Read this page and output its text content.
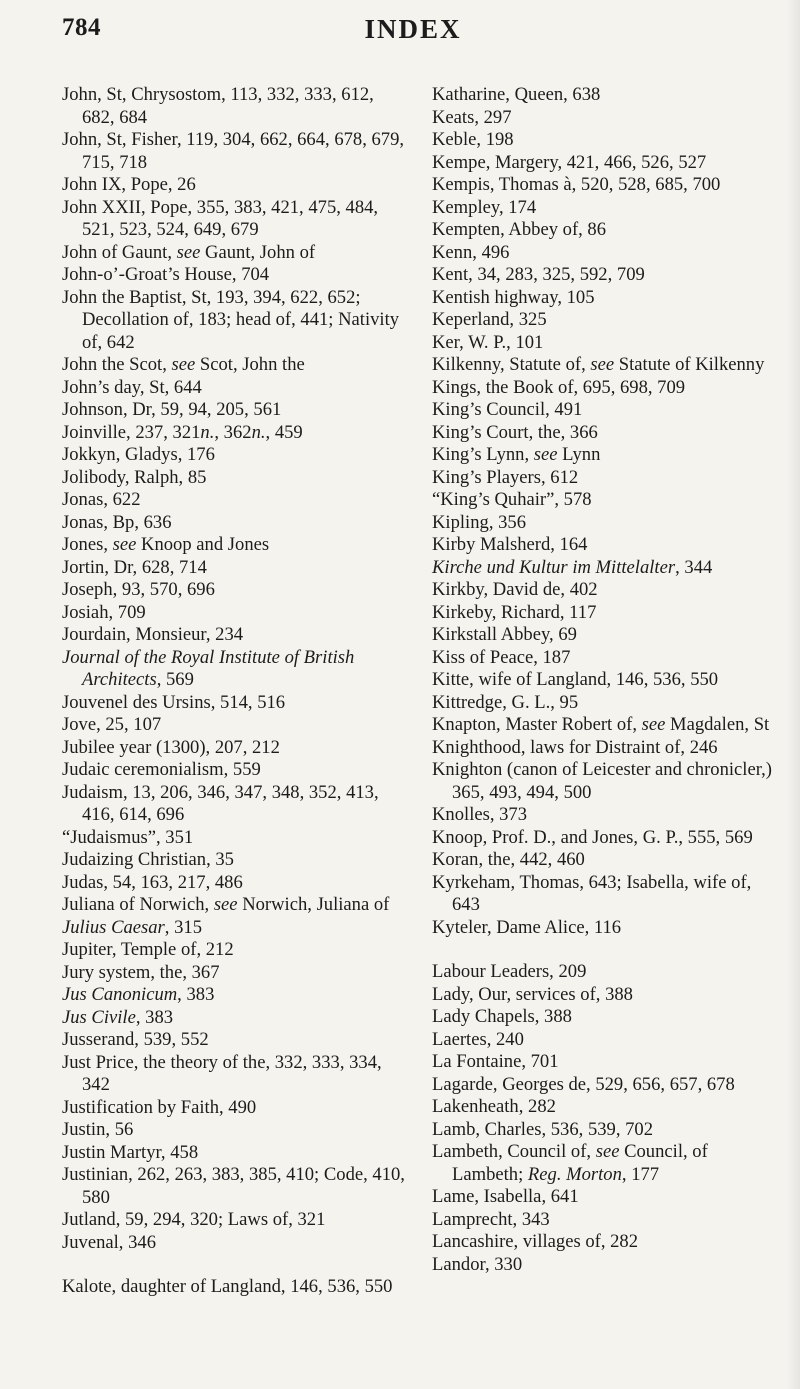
784	INDEX

John, St, Chrysostom, 113, 332, 333, 612, 682, 684

John, St, Fisher, 119, 304, 662, 664, 678, 679, 715, 718

John IX, Pope, 26

John XXII, Pope, 355, 383, 421, 475, 484, 521, 523, 524, 649, 679

John of Gaunt, see Gaunt, John of

John-o’-Groat’s House, 704

John the Baptist, St, 193, 394, 622, 652; Decollation of, 183; head of, 441; Nativity of, 642

John the Scot, see Scot, John the

John’s day, St, 644

Johnson, Dr, 59, 94, 205, 561

Joinville, 237, 321n., 362n., 459

Jokkyn, Gladys, 176

Jolibody, Ralph, 85

Jonas, 622

Jonas, Bp, 636

Jones, see Knoop and Jones

Jortin, Dr, 628, 714

Joseph, 93, 570, 696

Josiah, 709

Jourdain, Monsieur, 234

Journal of the Royal Institute of British Architects, 569

Jouvenel des Ursins, 514, 516

Jove, 25, 107

Jubilee year (1300), 207, 212

Judaic ceremonialism, 559

Judaism, 13, 206, 346, 347, 348, 352, 413, 416, 614, 696

“Judaismus”, 351

Judaizing Christian, 35

Judas, 54, 163, 217, 486

Juliana of Norwich, see Norwich, Juliana of

Julius Caesar, 315

Jupiter, Temple of, 212

Jury system, the, 367

Jus Canonicum, 383

Jus Civile, 383

Jusserand, 539, 552

Just Price, the theory of the, 332, 333, 334, 342

Justification by Faith, 490

Justin, 56

Justin Martyr, 458

Justinian, 262, 263, 383, 385, 410; Code, 410, 580

Jutland, 59, 294, 320; Laws of, 321

Juvenal, 346

Kalote, daughter of Langland, 146, 536, 550

Katharine, Queen, 638

Keats, 297

Keble, 198

Kempe, Margery, 421, 466, 526, 527

Kempis, Thomas à, 520, 528, 685, 700

Kempley, 174

Kempten, Abbey of, 86

Kenn, 496

Kent, 34, 283, 325, 592, 709

Kentish highway, 105

Keperland, 325

Ker, W. P., 101

Kilkenny, Statute of, see Statute of Kilkenny

Kings, the Book of, 695, 698, 709

King’s Council, 491

King’s Court, the, 366

King’s Lynn, see Lynn

King’s Players, 612

“King’s Quhair”, 578

Kipling, 356

Kirby Malsherd, 164

Kirche und Kultur im Mittelalter, 344

Kirkby, David de, 402

Kirkeby, Richard, 117

Kirkstall Abbey, 69

Kiss of Peace, 187

Kitte, wife of Langland, 146, 536, 550

Kittredge, G. L., 95

Knapton, Master Robert of, see Magdalen, St

Knighthood, laws for Distraint of, 246

Knighton (canon of Leicester and chronicler,) 365, 493, 494, 500

Knolles, 373

Knoop, Prof. D., and Jones, G. P., 555, 569

Koran, the, 442, 460

Kyrkeham, Thomas, 643; Isabella, wife of, 643

Kyteler, Dame Alice, 116

Labour Leaders, 209

Lady, Our, services of, 388

Lady Chapels, 388

Laertes, 240

La Fontaine, 701

Lagarde, Georges de, 529, 656, 657, 678

Lakenheath, 282

Lamb, Charles, 536, 539, 702

Lambeth, Council of, see Council, of Lambeth; Reg. Morton, 177

Lame, Isabella, 641

Lamprecht, 343

Lancashire, villages of, 282

Landor, 330
